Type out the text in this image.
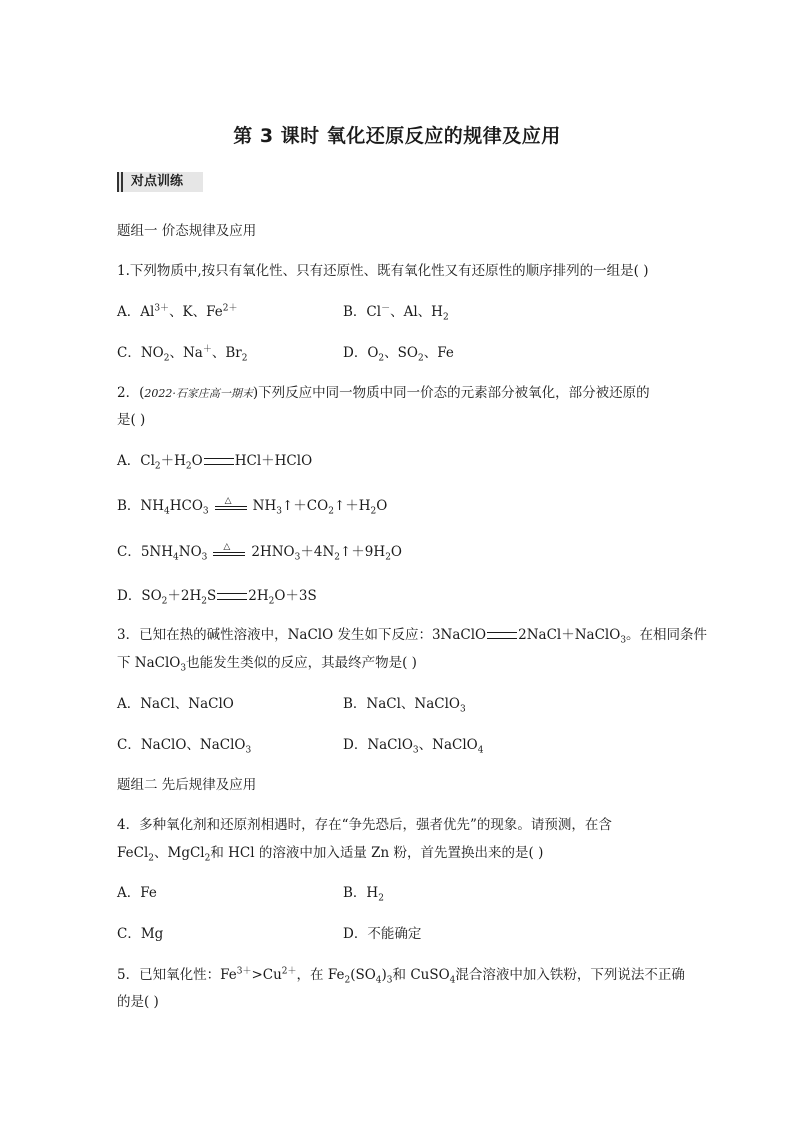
第 3 课时 氧化还原反应的规律及应用
对点训练
题组一 价态规律及应用
1.下列物质中,按只有氧化性、只有还原性、既有氧化性又有还原性的顺序排列的一组是( )
A．$Al^{3+}$、K、$Fe^{2+}$	B．Cl－、Al、$H_2$
C．$NO_2$、Na＋、$Br_2$	D．$O_2$、$SO_2$、Fe
2．(2022·石家庄高一期末)下列反应中同一物质中同一价态的元素部分被氧化，部分被还原的
是( )
A．$Cl_2+H_2O$ HCl＋HClO
B．$NH_4HCO_3$
△ $NH_3↑+CO_2↑+H_2O$
C．$5NH_4NO_3$
△ $2HNO_3+4N_2↑+9H_2O$
D．$SO_2+2H_2S$ $2H_2O+3S$
3．已知在热的碱性溶液中，NaClO 发生如下反应：3NaClO 2NaCl＋NaClO$_3$。在相同条件
下 NaClO$_3$也能发生类似的反应，其最终产物是( )
A．NaCl、NaClO	B．NaCl、NaClO$_3$
C．NaClO、NaClO$_3$	D．NaClO$_3$、NaClO$_4$
题组二 先后规律及应用
4．多种氧化剂和还原剂相遇时，存在“争先恐后，强者优先”的现象。请预测，在含
FeCl$_2$、MgCl$_2$和 HCl 的溶液中加入适量 Zn 粉，首先置换出来的是( )
A．Fe	B．$H_2$
C．Mg	D．不能确定
5．已知氧化性：$Fe^{3+}>Cu^{2+}$，在 $Fe_2(SO_4)_3$和 CuSO$_4$混合溶液中加入铁粉，下列说法不正确
的是( )
